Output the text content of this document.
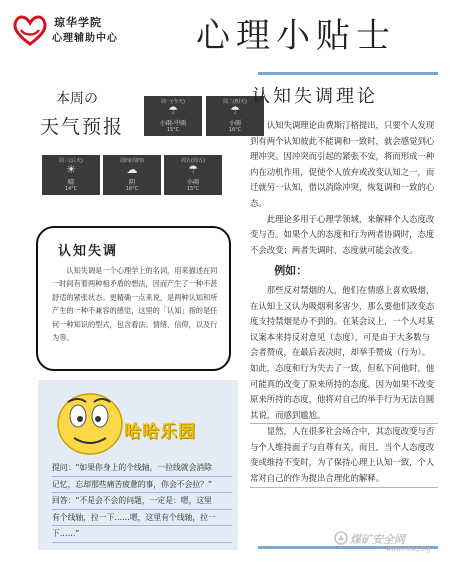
琼华学院
心理辅助中心 心理小贴士
本周の
天气预报
周一(今天)
☂
小雨-中雨
15°C
周二(明天)
☂
小雨
16°C
周三(后天)
☀
晴
14°C
周四(周四)
☁
阴
16°C
周五(周五)
☂
小雨
15°C
认知失调
认知失调是一个心理学上的名词，用来描述在同一时间有着两种相矛盾的想法，因而产生了一种不甚舒适的紧张状态。更精确一点来说，是两种认知和所产生的一种不兼容的感觉，这里的「认知」指的是任何一种知识的型式，包含看法、情绪、信仰，以及行为等。
认知失调理论

认知失调理论由费斯汀格提出，只要个人发现到有两个认知彼此不能调和一致时，就会感觉到心理冲突。因冲突而引起的紧张不安，将而形成一种内在动机作用，促使个人放弃或改变认知之一，而迁就另一认知，借以消除冲突，恢复调和一致的心态。

此理论多用于心理学领域，来解释个人态度改变与否。如果个人的态度和行为两者协调时，态度不会改变；两者失调时，态度就可能会改变。

例如：

那些反对禁烟的人，他们在情感上喜欢吸烟，在认知上又认为吸烟利多害少，那么要他们改变态度支持禁烟是办不到的。在某会议上，一个人对某议案本来持反对意见（态度），可是由于大多数与会者赞成，在最后表决时，却举手赞成（行为）。如此，态度和行为失去了一致，但私下问他时，他可能真的改变了原来所持的态度。因为如果不改变原来所持的态度，他将对自己的举手行为无法自圆其说，而感到尴尬。

显然，人在很多社会场合中，其态度改变与否与个人维持面子与自尊有关。而且，当个人态度改变或维持不变时，为了保持心理上认知一致，个人常对自己的作为提出合理化的解释。

哈哈乐园
提问：“如果你身上的个线轴，一拉线就会消除
记忆，忘却那些痛苦疲惫的事，你会不会拉？”
回答：“不是会不会的问题，一定是：嗯，这里
有个线轴，拉一下……嗯，这里有个线轴，拉一
下……”	煤矿安全网
www.mkaq.org
